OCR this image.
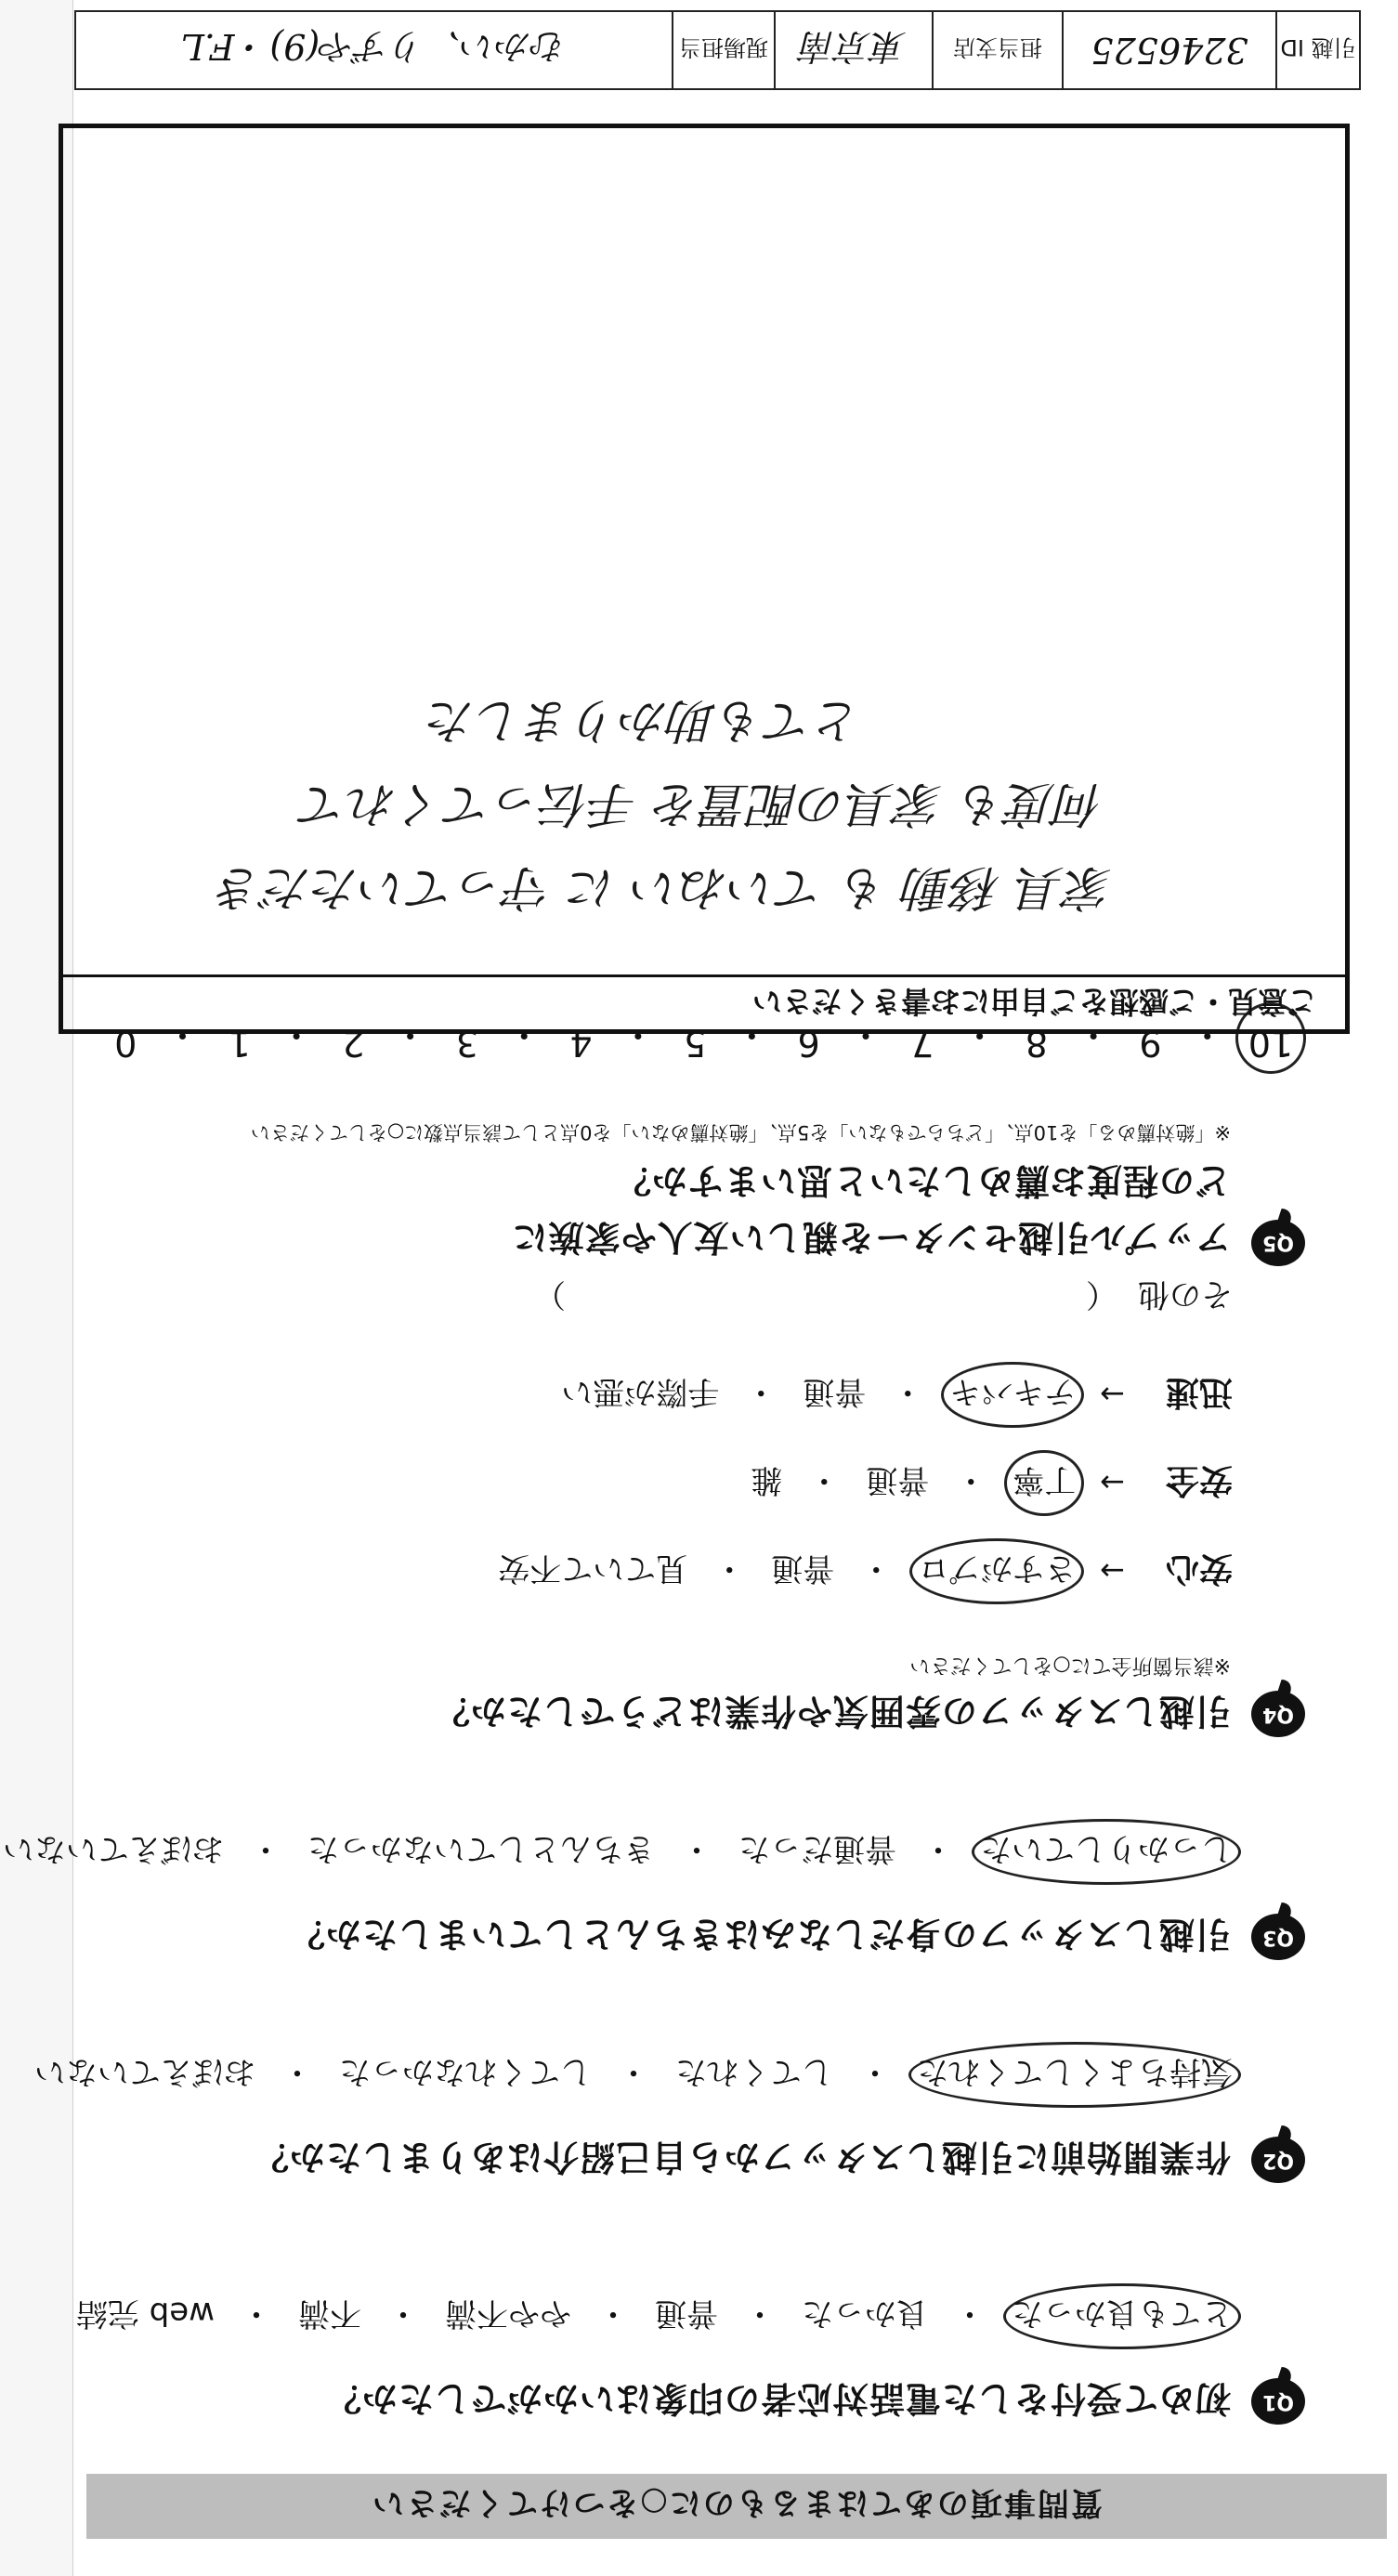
質問事項のあてはまるものに○をつけてください
Q1
初めて受付をした電話対応者の印象はいかがでしたか？
とても良かった
・
良かった
・
普通
・
やや不満
・
不満
・
web 完結
Q2
作業開始前に引越しスタッフから自己紹介はありましたか？
気持ちよくしてくれた
・
してくれた
・
してくれなかった
・
おぼえていない
Q3
引越しスタッフの身だしなみはきちんとしていましたか？
しっかりしていた
・
普通だった
・
きちんとしていなかった
・
おぼえていない
Q4
引越しスタッフの雰囲気や作業はどうでしたか？
※該当箇所全てに○をしてください
安心
→
さすがプロ
・
普通
・
見ていて不安
安全
→
丁寧
・
普通
・
雑
迅速
→
テキパキ
・
普通
・
手際が悪い
その他
（
）
Q5
アップル引越センターを親しい友人や家族に
どの程度お薦めしたいと思いますか？
※「絶対薦める」を10点、「どちらでもない」を5点、「絶対薦めない」を0点として該当点数に○をしてください
10
・
9
・
8
・
7
・
6
・
5
・
4
・
3
・
2
・
1
・
0
ご意見・ご感想をご自由にお書きください
家具 移動 も ていねい に 守っていただき
何度も 家具の配置を 手伝ってくれて
とても助かりました
引越 ID
3246525
担当支店
東京南
現場担当
むかい、りずや(9)・F.L
